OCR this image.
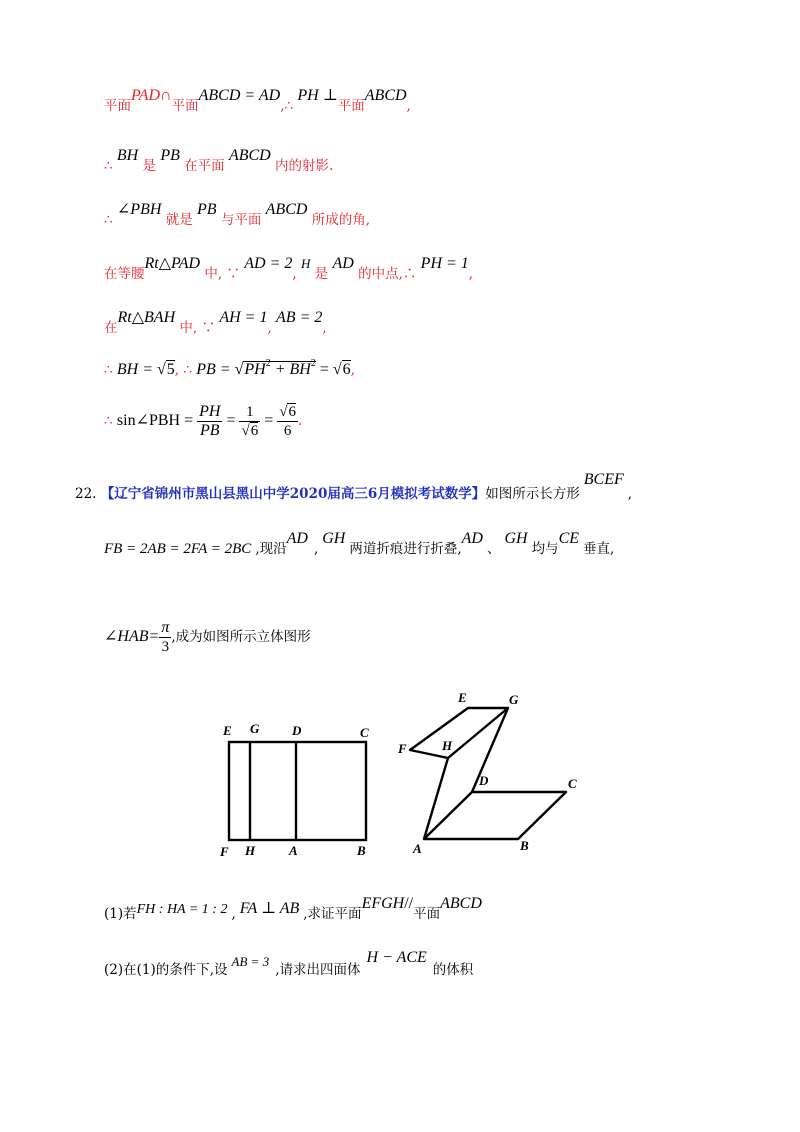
平面PAD∩平面ABCD = AD,∴ PH ⊥平面ABCD,
∴ BH 是 PB 在平面 ABCD 内的射影.
∴ ∠PBH 就是 PB 与平面 ABCD 所成的角,
在等腰Rt△PAD 中, ∵ AD = 2, H 是 AD 的中点,∴ PH = 1,
在Rt△BAH 中, ∵ AH = 1, AB = 2,
∴ BH = √5, ∴ PB = $√PH^2 + BH^2 = √6$,
∴ sin∠PBH = $\frac{PH}{PB} = \frac{1}{√6} = \frac{√6}{6}$ .
22. 【辽宁省锦州市黑山县黑山中学2020届高三6月模拟考试数学】如图所示长方形BCEF,
FB = 2AB = 2FA = 2BC ,现沿AD,GH两道折痕进行折叠,AD、GH均与CE垂直,
∠HAB= $\frac{\pi}{3}$ ,成为如图所示立体图形
E G	D	C
F H	A	B
E	G
F	H
D	C
A	B
(1)若FH : HA = 1 : 2 , FA ⊥ AB ,求证平面EFGH//平面ABCD
(2)在(1)的条件下,设AB = 3,请求出四面体H − ACE的体积
